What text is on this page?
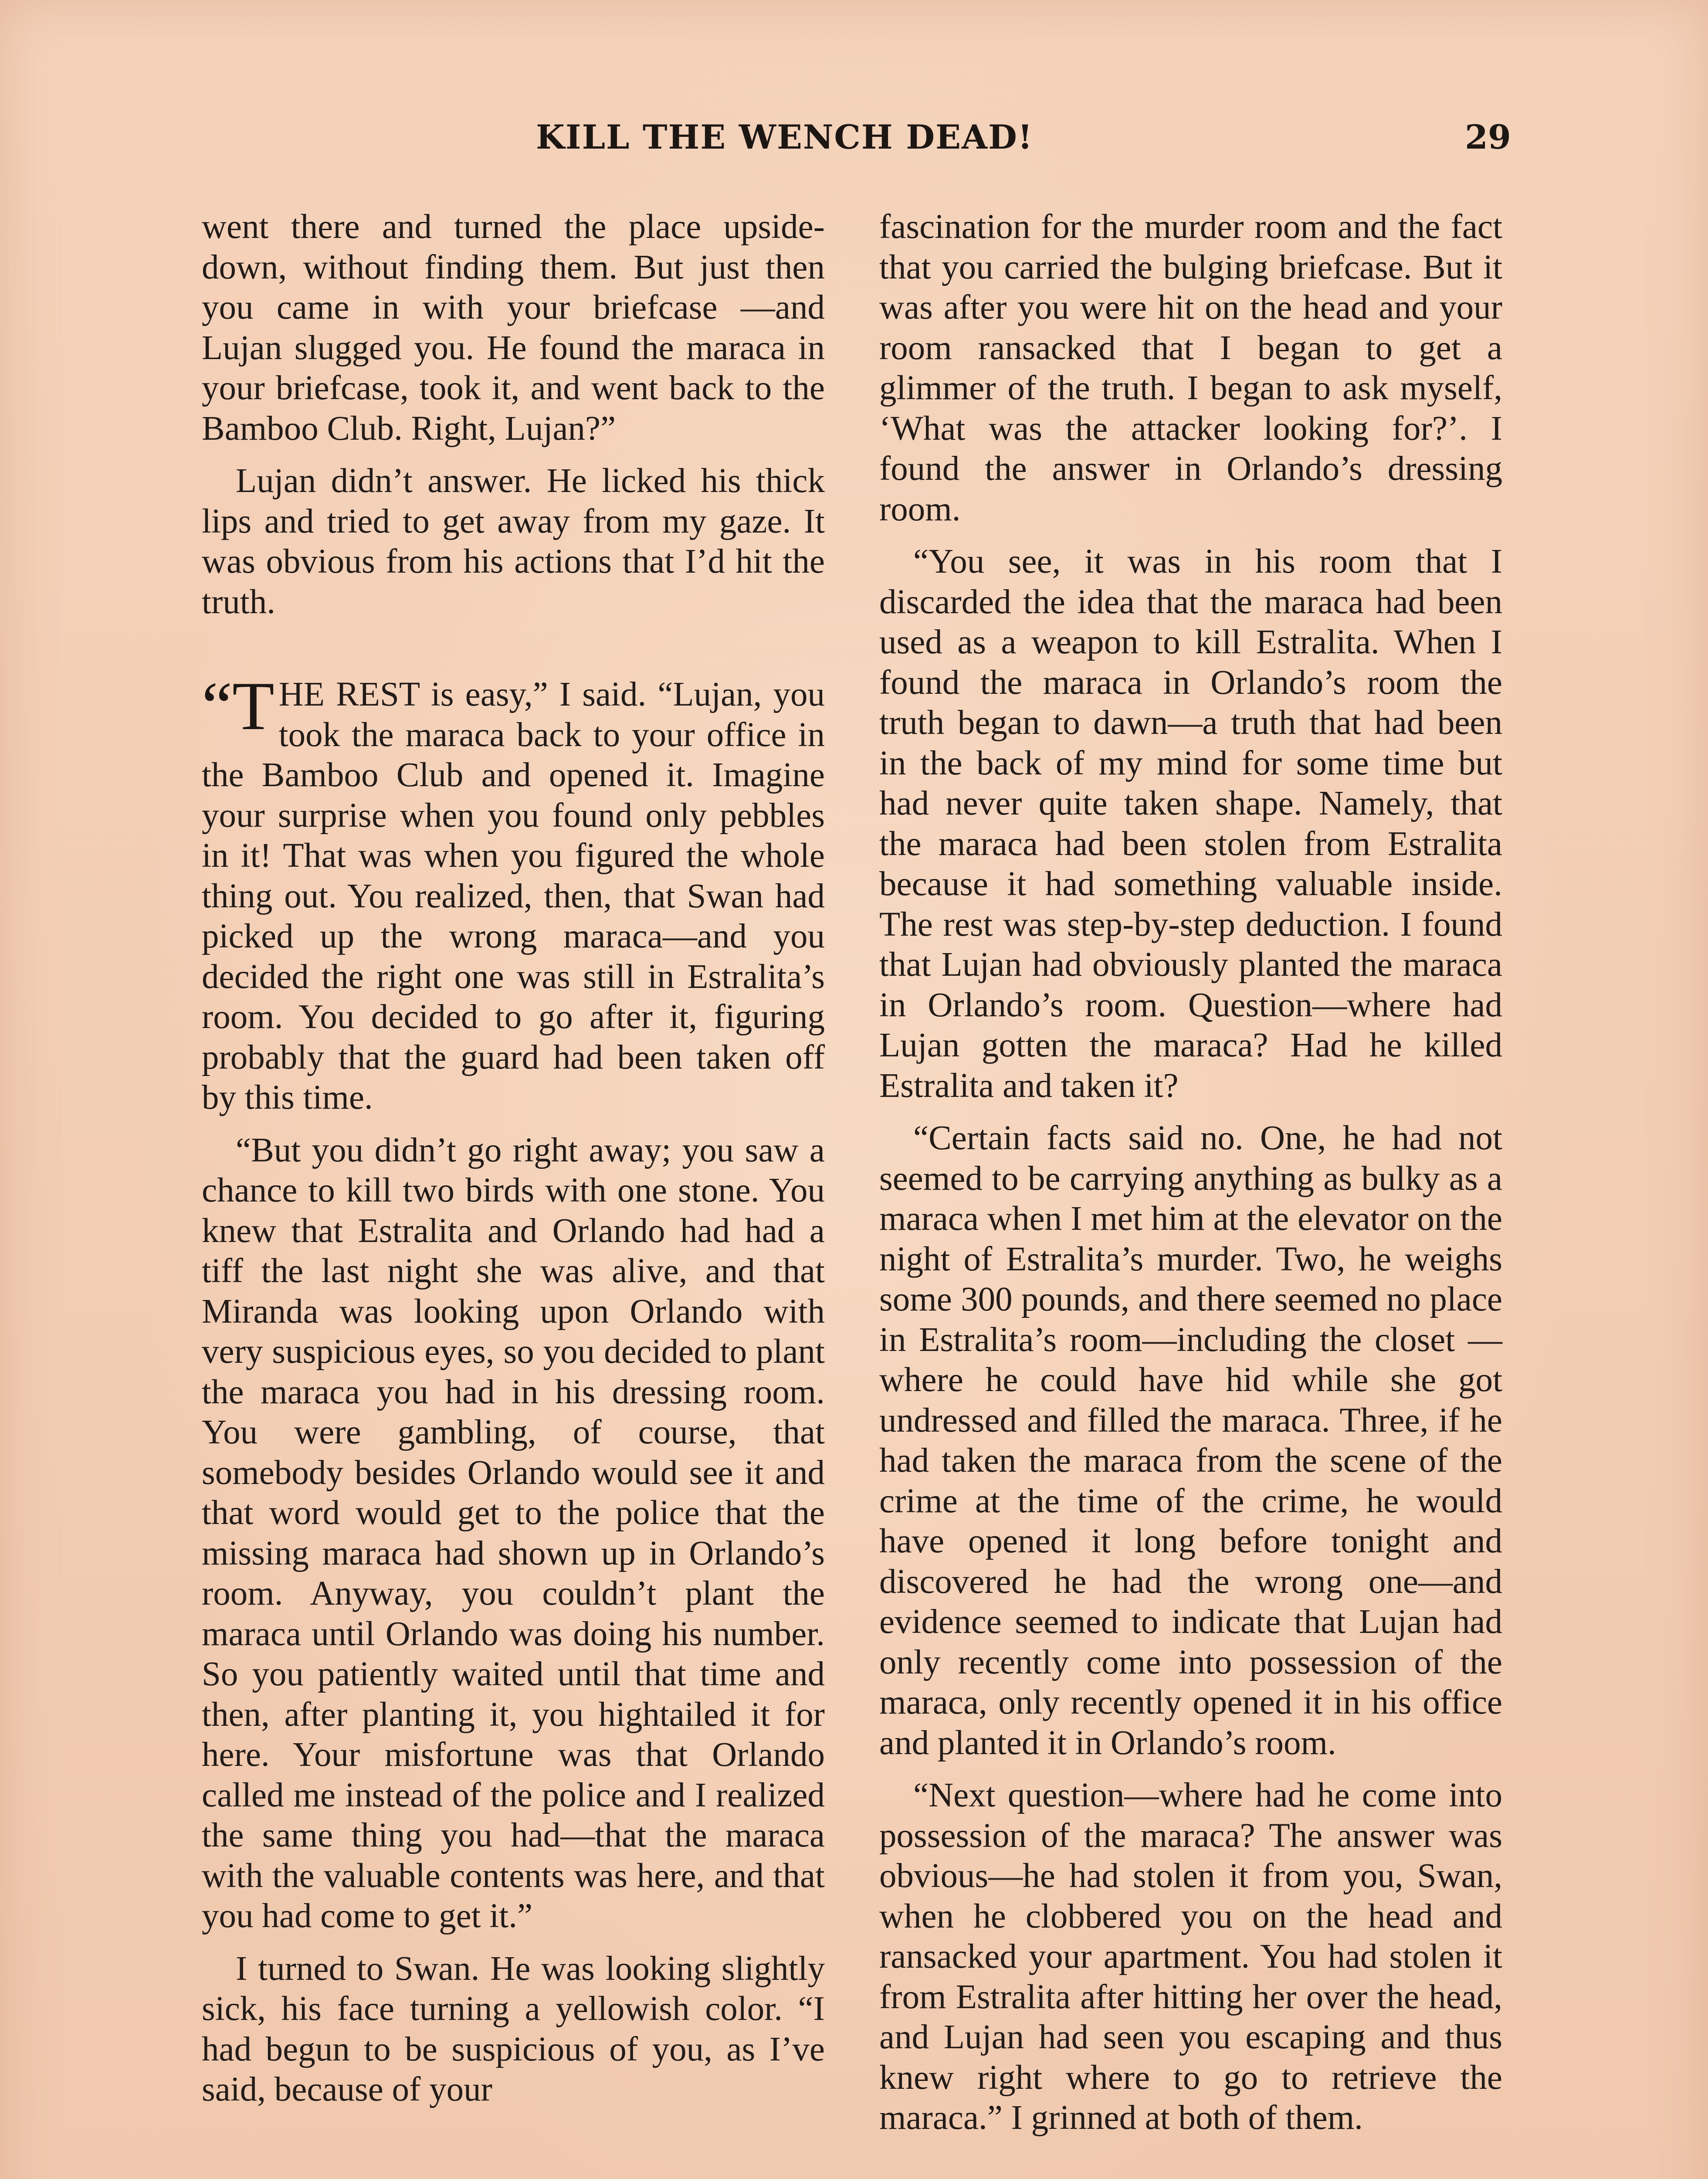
KILL THE WENCH DEAD!	29

went there and turned the place upside-down, without finding them. But just then you came in with your briefcase —and Lujan slugged you. He found the maraca in your briefcase, took it, and went back to the Bamboo Club. Right, Lujan?”

Lujan didn’t answer. He licked his thick lips and tried to get away from my gaze. It was obvious from his actions that I’d hit the truth.

“THE REST is easy,” I said. “Lujan, you took the maraca back to your office in the Bamboo Club and opened it. Imagine your surprise when you found only pebbles in it! That was when you figured the whole thing out. You realized, then, that Swan had picked up the wrong maraca—and you decided the right one was still in Estralita’s room. You decided to go after it, figuring probably that the guard had been taken off by this time.

“But you didn’t go right away; you saw a chance to kill two birds with one stone. You knew that Estralita and Orlando had had a tiff the last night she was alive, and that Miranda was looking upon Orlando with very suspicious eyes, so you decided to plant the maraca you had in his dressing room. You were gambling, of course, that somebody besides Orlando would see it and that word would get to the police that the missing maraca had shown up in Orlando’s room. Anyway, you couldn’t plant the maraca until Orlando was doing his number. So you patiently waited until that time and then, after planting it, you hightailed it for here. Your misfortune was that Orlando called me instead of the police and I realized the same thing you had—that the maraca with the valuable contents was here, and that you had come to get it.”

I turned to Swan. He was looking slightly sick, his face turning a yellowish color. “I had begun to be suspicious of you, as I’ve said, because of your

fascination for the murder room and the fact that you carried the bulging briefcase. But it was after you were hit on the head and your room ransacked that I began to get a glimmer of the truth. I began to ask myself, ‘What was the attacker looking for?’. I found the answer in Orlando’s dressing room.

“You see, it was in his room that I discarded the idea that the maraca had been used as a weapon to kill Estralita. When I found the maraca in Orlando’s room the truth began to dawn—a truth that had been in the back of my mind for some time but had never quite taken shape. Namely, that the maraca had been stolen from Estralita because it had something valuable inside. The rest was step-by-step deduction. I found that Lujan had obviously planted the maraca in Orlando’s room. Question—where had Lujan gotten the maraca? Had he killed Estralita and taken it?

“Certain facts said no. One, he had not seemed to be carrying anything as bulky as a maraca when I met him at the elevator on the night of Estralita’s murder. Two, he weighs some 300 pounds, and there seemed no place in Estralita’s room—including the closet —where he could have hid while she got undressed and filled the maraca. Three, if he had taken the maraca from the scene of the crime at the time of the crime, he would have opened it long before tonight and discovered he had the wrong one—and evidence seemed to indicate that Lujan had only recently come into possession of the maraca, only recently opened it in his office and planted it in Orlando’s room.

“Next question—where had he come into possession of the maraca? The answer was obvious—he had stolen it from you, Swan, when he clobbered you on the head and ransacked your apartment. You had stolen it from Estralita after hitting her over the head, and Lujan had seen you escaping and thus knew right where to go to retrieve the maraca.” I grinned at both of them.
